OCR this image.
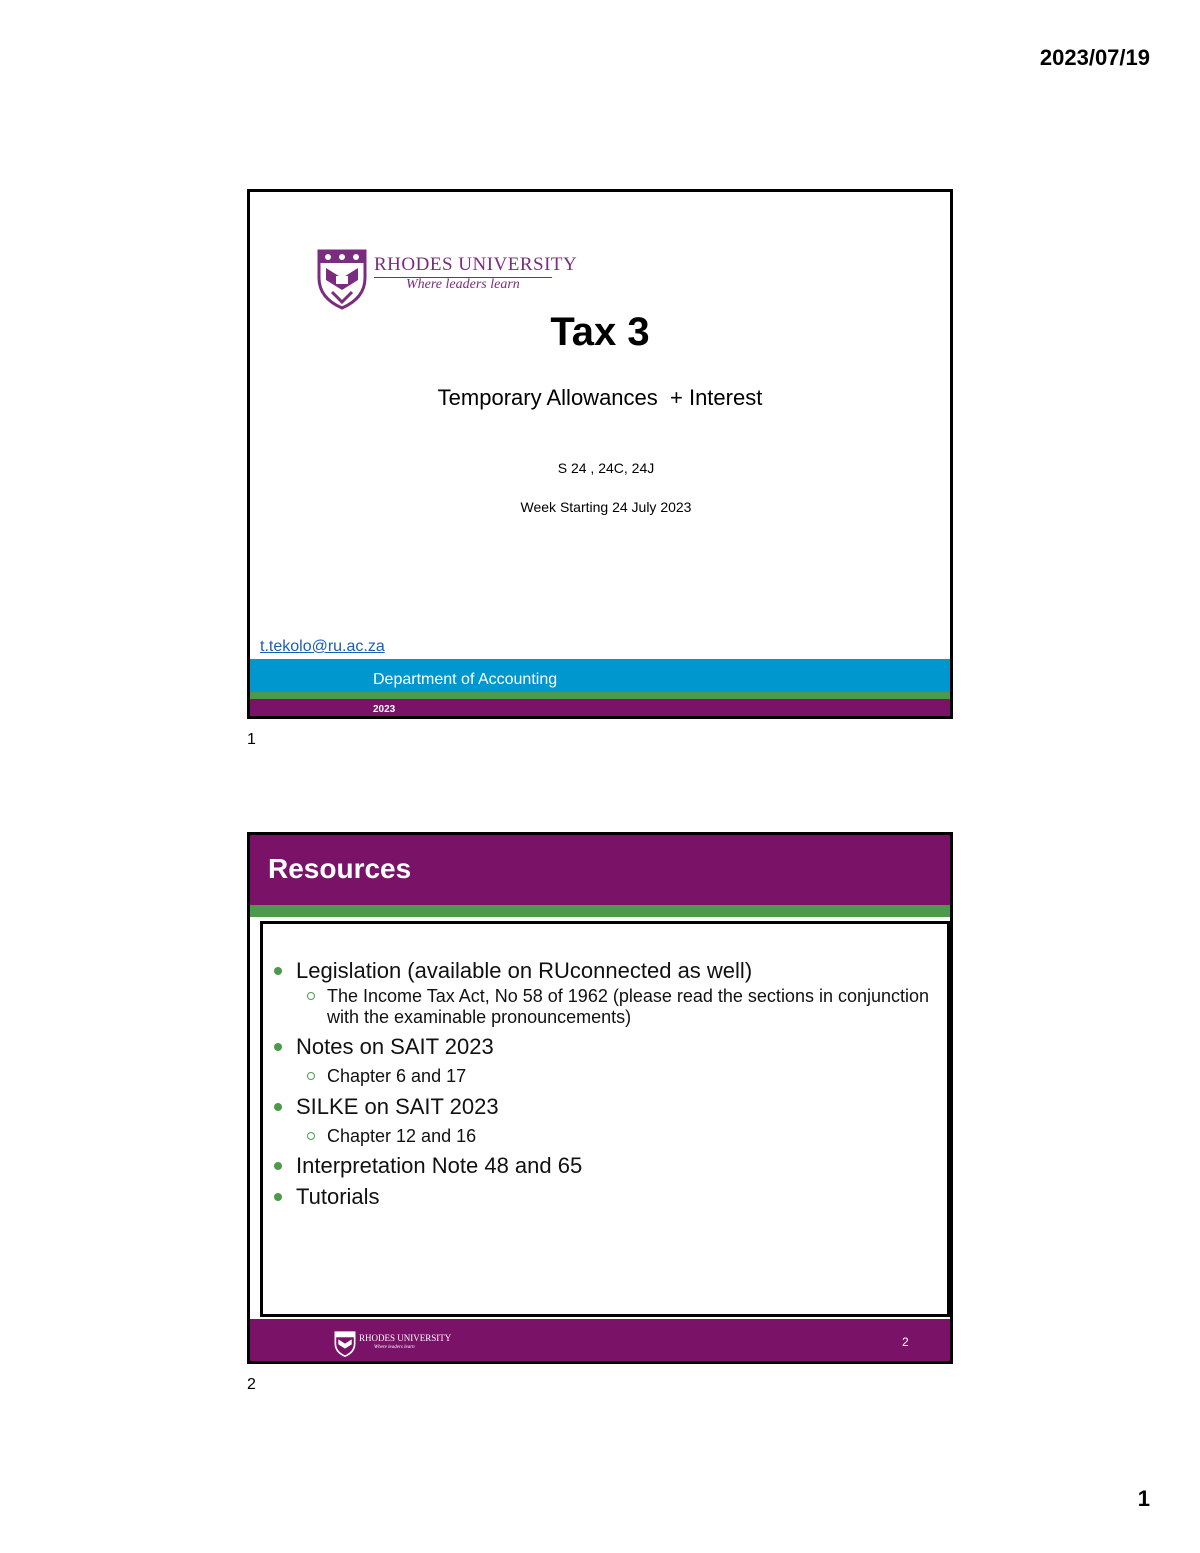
2023/07/19
RHODES UNIVERSITY
Where leaders learn
Tax 3
Temporary Allowances  + Interest
S 24 , 24C, 24J
Week Starting 24 July 2023
t.tekolo@ru.ac.za
Department of Accounting
2023
1
Resources
Legislation (available on RUconnected as well)
The Income Tax Act, No 58 of 1962 (please read the sections in conjunction with the examinable pronouncements)
Notes on SAIT 2023
Chapter 6 and 17
SILKE on SAIT 2023
Chapter 12 and 16
Interpretation Note 48 and 65
Tutorials
RHODES UNIVERSITY
Where leaders learn	2
2
1
